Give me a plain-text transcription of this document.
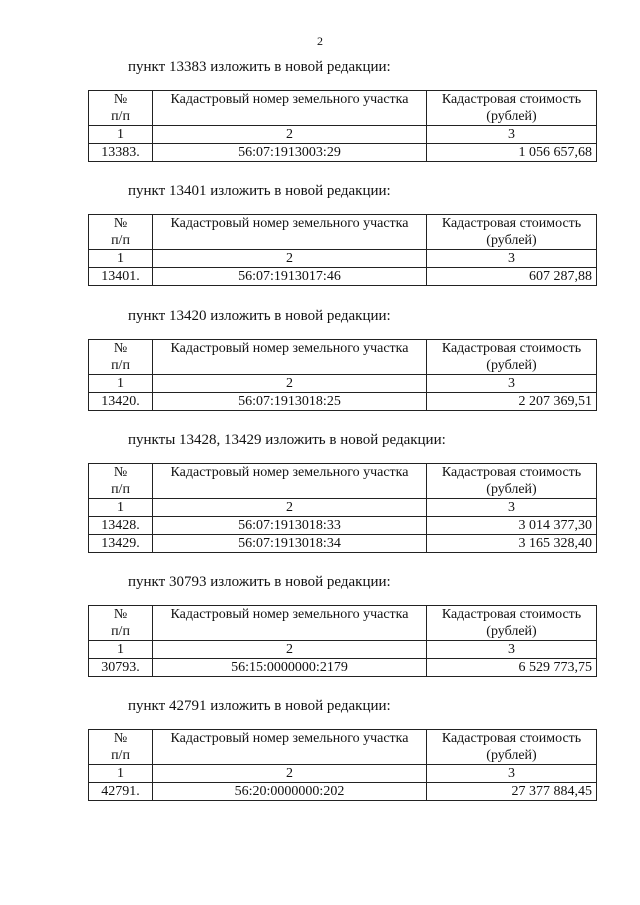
2
пункт 13383 изложить в новой редакции:
№
п/п	Кадастровый номер земельного участка	Кадастровая стоимость
(рублей)

1	2	3
13383.	56:07:1913003:29	1 056 657,68
пункт 13401 изложить в новой редакции:
№
п/п	Кадастровый номер земельного участка	Кадастровая стоимость
(рублей)

1	2	3
13401.	56:07:1913017:46	607 287,88
пункт 13420 изложить в новой редакции:
№
п/п	Кадастровый номер земельного участка	Кадастровая стоимость
(рублей)

1	2	3
13420.	56:07:1913018:25	2 207 369,51
пункты 13428, 13429 изложить в новой редакции:
№
п/п	Кадастровый номер земельного участка	Кадастровая стоимость
(рублей)

1	2	3
13428.	56:07:1913018:33	3 014 377,30
13429.	56:07:1913018:34	3 165 328,40
пункт 30793 изложить в новой редакции:
№
п/п	Кадастровый номер земельного участка	Кадастровая стоимость
(рублей)

1	2	3
30793.	56:15:0000000:2179	6 529 773,75
пункт 42791 изложить в новой редакции:
№
п/п	Кадастровый номер земельного участка	Кадастровая стоимость
(рублей)

1	2	3
42791.	56:20:0000000:202	27 377 884,45
